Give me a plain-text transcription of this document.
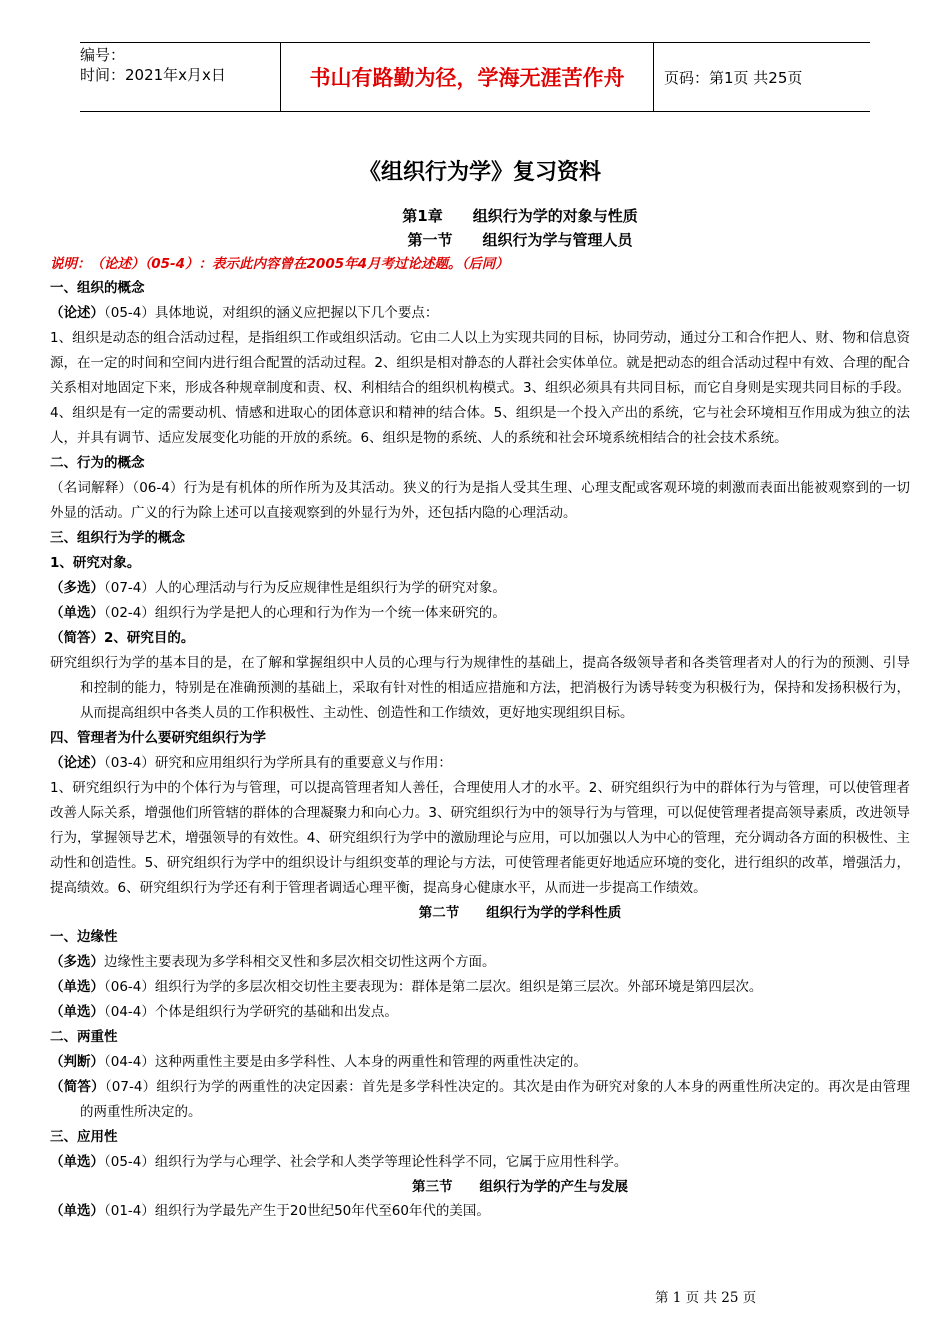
编号：
时间：2021年x月x日	书山有路勤为径，学海无涯苦作舟	页码：第1页 共25页
《组织行为学》复习资料
第1章　　组织行为学的对象与性质
第一节　　组织行为学与管理人员
说明：（论述）（05-4）：表示此内容曾在2005年4月考过论述题。（后同）
一、组织的概念
（论述）（05-4）具体地说，对组织的涵义应把握以下几个要点：
1、组织是动态的组合活动过程，是指组织工作或组织活动。它由二人以上为实现共同的目标，协同劳动，通过分工和合作把人、财、物和信息资源，在一定的时间和空间内进行组合配置的活动过程。2、组织是相对静态的人群社会实体单位。就是把动态的组合活动过程中有效、合理的配合关系相对地固定下来，形成各种规章制度和责、权、利相结合的组织机构模式。3、组织必须具有共同目标，而它自身则是实现共同目标的手段。4、组织是有一定的需要动机、情感和进取心的团体意识和精神的结合体。5、组织是一个投入产出的系统，它与社会环境相互作用成为独立的法人，并具有调节、适应发展变化功能的开放的系统。6、组织是物的系统、人的系统和社会环境系统相结合的社会技术系统。
二、行为的概念
（名词解释）（06-4）行为是有机体的所作所为及其活动。狭义的行为是指人受其生理、心理支配或客观环境的刺激而表面出能被观察到的一切外显的活动。广义的行为除上述可以直接观察到的外显行为外，还包括内隐的心理活动。
三、组织行为学的概念
1、研究对象。
（多选）（07-4）人的心理活动与行为反应规律性是组织行为学的研究对象。
（单选）（02-4）组织行为学是把人的心理和行为作为一个统一体来研究的。
（简答）2、研究目的。
研究组织行为学的基本目的是，在了解和掌握组织中人员的心理与行为规律性的基础上，提高各级领导者和各类管理者对人的行为的预测、引导和控制的能力，特别是在准确预测的基础上，采取有针对性的相适应措施和方法，把消极行为诱导转变为积极行为，保持和发扬积极行为，从而提高组织中各类人员的工作积极性、主动性、创造性和工作绩效，更好地实现组织目标。
四、管理者为什么要研究组织行为学
（论述）（03-4）研究和应用组织行为学所具有的重要意义与作用：
1、研究组织行为中的个体行为与管理，可以提高管理者知人善任，合理使用人才的水平。2、研究组织行为中的群体行为与管理，可以使管理者改善人际关系，增强他们所管辖的群体的合理凝聚力和向心力。3、研究组织行为中的领导行为与管理，可以促使管理者提高领导素质，改进领导行为，掌握领导艺术，增强领导的有效性。4、研究组织行为学中的激励理论与应用，可以加强以人为中心的管理，充分调动各方面的积极性、主动性和创造性。5、研究组织行为学中的组织设计与组织变革的理论与方法，可使管理者能更好地适应环境的变化，进行组织的改革，增强活力，提高绩效。6、研究组织行为学还有利于管理者调适心理平衡，提高身心健康水平，从而进一步提高工作绩效。
第二节　　组织行为学的学科性质
一、边缘性
（多选）边缘性主要表现为多学科相交叉性和多层次相交切性这两个方面。
（单选）（06-4）组织行为学的多层次相交切性主要表现为：群体是第二层次。组织是第三层次。外部环境是第四层次。
（单选）（04-4）个体是组织行为学研究的基础和出发点。
二、两重性
（判断）（04-4）这种两重性主要是由多学科性、人本身的两重性和管理的两重性决定的。
（简答）（07-4）组织行为学的两重性的决定因素：首先是多学科性决定的。其次是由作为研究对象的人本身的两重性所决定的。再次是由管理的两重性所决定的。
三、应用性
（单选）（05-4）组织行为学与心理学、社会学和人类学等理论性科学不同，它属于应用性科学。
第三节　　组织行为学的产生与发展
（单选）（01-4）组织行为学最先产生于20世纪50年代至60年代的美国。
第 1 页 共 25 页
